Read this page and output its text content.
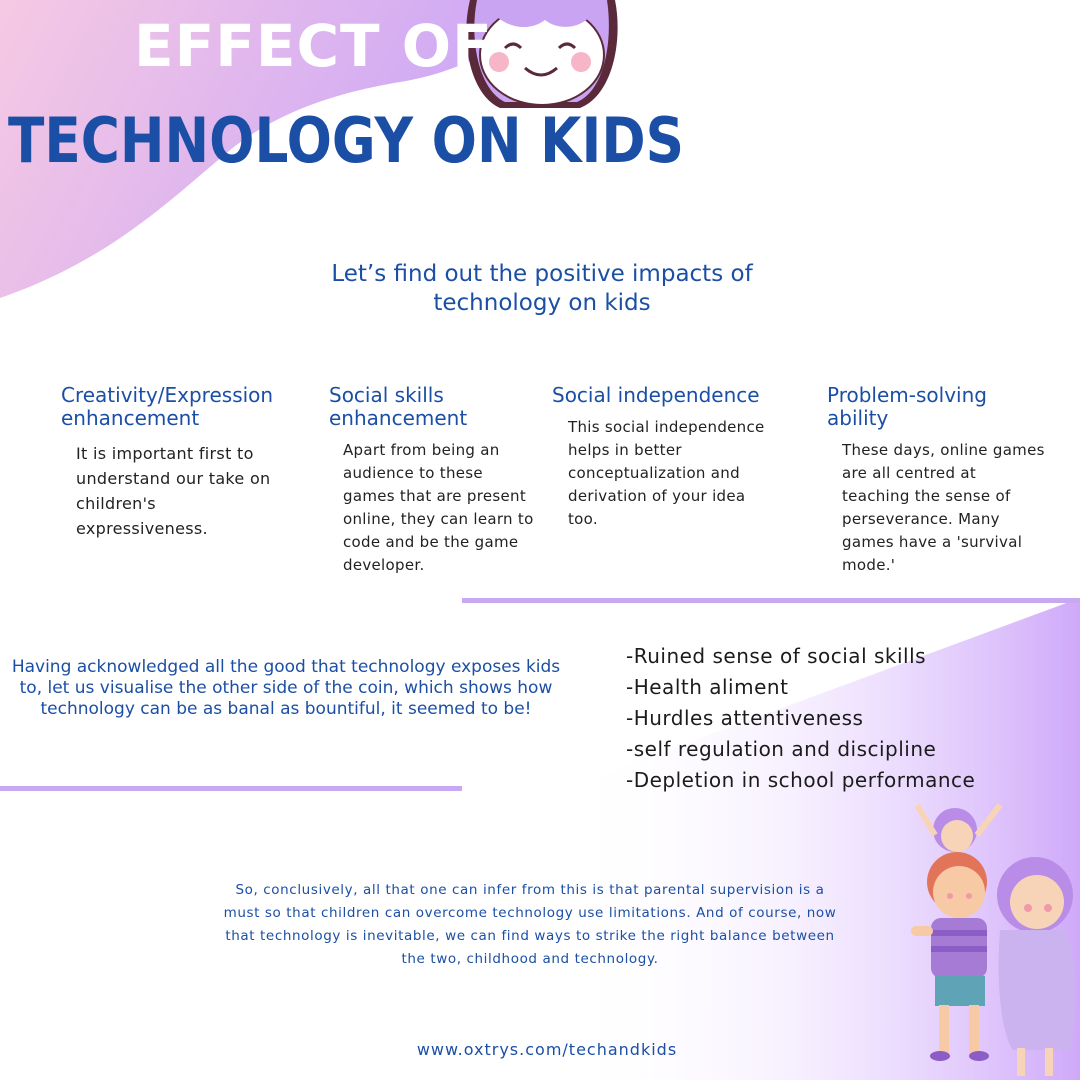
EFFECT OF
TECHNOLOGY ON KIDS
Let’s find out the positive impacts of technology on kids
Creativity/Expression enhancement
It is important first to understand our take on children's expressiveness.
Social skills enhancement
Apart from being an audience to these games that are present online, they can learn to code and be the game developer.
Social independence
This social independence helps in better conceptualization and derivation of your idea too.
Problem-solving ability
These days, online games are all centred at teaching the sense of perseverance. Many games have a 'survival mode.'
Having acknowledged all the good that technology exposes kids to, let us visualise the other side of the coin, which shows how technology can be as banal as bountiful, it seemed to be!
-Ruined sense of social skills
-Health aliment
-Hurdles attentiveness
-self regulation and discipline
-Depletion in school performance
So, conclusively, all that one can infer from this is that parental supervision is a must so that children can overcome technology use limitations. And of course, now that technology is inevitable, we can find ways to strike the right balance between the two, childhood and technology.
www.oxtrys.com/techandkids
